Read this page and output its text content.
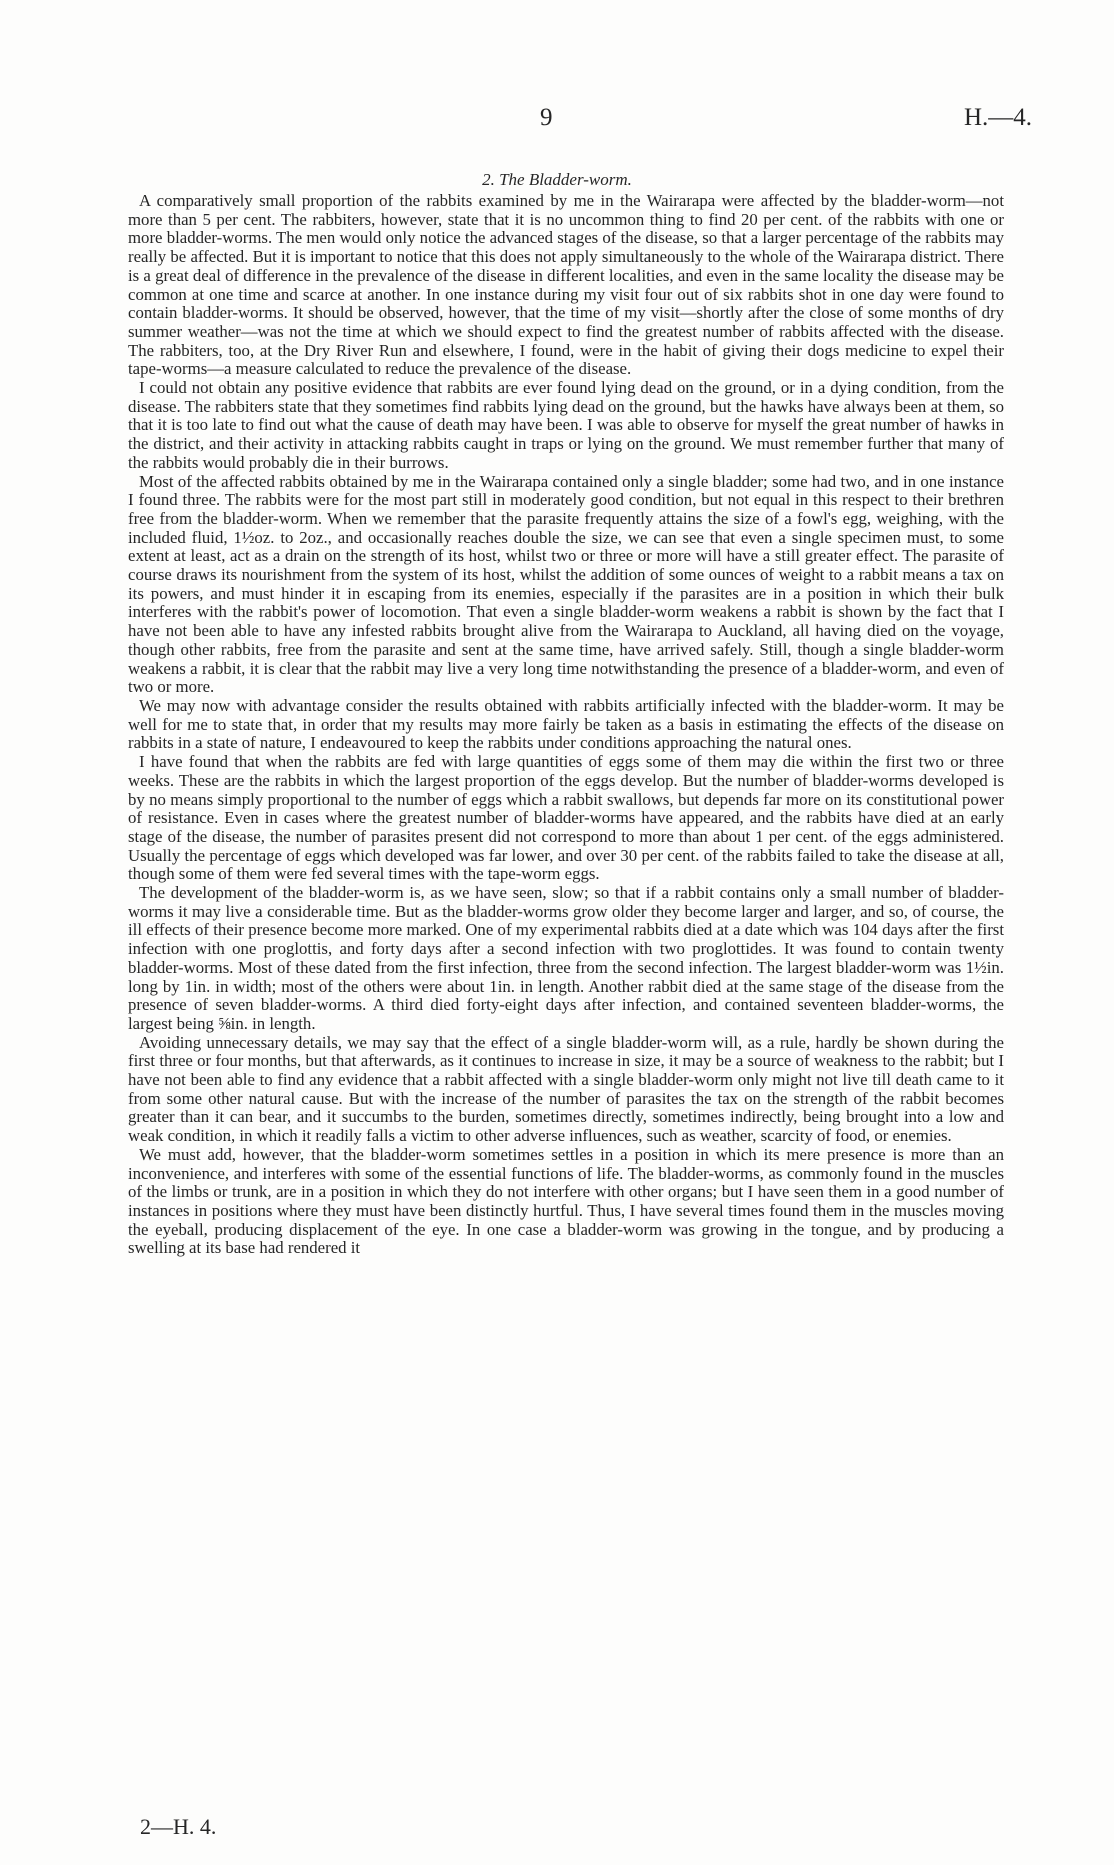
9	H.—4.
2. The Bladder-worm.

A comparatively small proportion of the rabbits examined by me in the Wairarapa were affected by the bladder-worm—not more than 5 per cent. The rabbiters, however, state that it is no uncommon thing to find 20 per cent. of the rabbits with one or more bladder-worms. The men would only notice the advanced stages of the disease, so that a larger percentage of the rabbits may really be affected. But it is important to notice that this does not apply simultaneously to the whole of the Wairarapa district. There is a great deal of difference in the prevalence of the disease in different localities, and even in the same locality the disease may be common at one time and scarce at another. In one instance during my visit four out of six rabbits shot in one day were found to contain bladder-worms. It should be observed, however, that the time of my visit—shortly after the close of some months of dry summer weather—was not the time at which we should expect to find the greatest number of rabbits affected with the disease. The rabbiters, too, at the Dry River Run and elsewhere, I found, were in the habit of giving their dogs medicine to expel their tape-worms—a measure calculated to reduce the prevalence of the disease.

I could not obtain any positive evidence that rabbits are ever found lying dead on the ground, or in a dying condition, from the disease. The rabbiters state that they sometimes find rabbits lying dead on the ground, but the hawks have always been at them, so that it is too late to find out what the cause of death may have been. I was able to observe for myself the great number of hawks in the district, and their activity in attacking rabbits caught in traps or lying on the ground. We must remember further that many of the rabbits would probably die in their burrows.

Most of the affected rabbits obtained by me in the Wairarapa contained only a single bladder; some had two, and in one instance I found three. The rabbits were for the most part still in moderately good condition, but not equal in this respect to their brethren free from the bladder-worm. When we remember that the parasite frequently attains the size of a fowl's egg, weighing, with the included fluid, 1½oz. to 2oz., and occasionally reaches double the size, we can see that even a single specimen must, to some extent at least, act as a drain on the strength of its host, whilst two or three or more will have a still greater effect. The parasite of course draws its nourishment from the system of its host, whilst the addition of some ounces of weight to a rabbit means a tax on its powers, and must hinder it in escaping from its enemies, especially if the parasites are in a position in which their bulk interferes with the rabbit's power of locomotion. That even a single bladder-worm weakens a rabbit is shown by the fact that I have not been able to have any infested rabbits brought alive from the Wairarapa to Auckland, all having died on the voyage, though other rabbits, free from the parasite and sent at the same time, have arrived safely. Still, though a single bladder-worm weakens a rabbit, it is clear that the rabbit may live a very long time notwithstanding the presence of a bladder-worm, and even of two or more.

We may now with advantage consider the results obtained with rabbits artificially infected with the bladder-worm. It may be well for me to state that, in order that my results may more fairly be taken as a basis in estimating the effects of the disease on rabbits in a state of nature, I endeavoured to keep the rabbits under conditions approaching the natural ones.

I have found that when the rabbits are fed with large quantities of eggs some of them may die within the first two or three weeks. These are the rabbits in which the largest proportion of the eggs develop. But the number of bladder-worms developed is by no means simply proportional to the number of eggs which a rabbit swallows, but depends far more on its constitutional power of resistance. Even in cases where the greatest number of bladder-worms have appeared, and the rabbits have died at an early stage of the disease, the number of parasites present did not correspond to more than about 1 per cent. of the eggs administered. Usually the percentage of eggs which developed was far lower, and over 30 per cent. of the rabbits failed to take the disease at all, though some of them were fed several times with the tape-worm eggs.

The development of the bladder-worm is, as we have seen, slow; so that if a rabbit contains only a small number of bladder-worms it may live a considerable time. But as the bladder-worms grow older they become larger and larger, and so, of course, the ill effects of their presence become more marked. One of my experimental rabbits died at a date which was 104 days after the first infection with one proglottis, and forty days after a second infection with two proglottides. It was found to contain twenty bladder-worms. Most of these dated from the first infection, three from the second infection. The largest bladder-worm was 1½in. long by 1in. in width; most of the others were about 1in. in length. Another rabbit died at the same stage of the disease from the presence of seven bladder-worms. A third died forty-eight days after infection, and contained seventeen bladder-worms, the largest being ⅝in. in length.

Avoiding unnecessary details, we may say that the effect of a single bladder-worm will, as a rule, hardly be shown during the first three or four months, but that afterwards, as it continues to increase in size, it may be a source of weakness to the rabbit; but I have not been able to find any evidence that a rabbit affected with a single bladder-worm only might not live till death came to it from some other natural cause. But with the increase of the number of parasites the tax on the strength of the rabbit becomes greater than it can bear, and it succumbs to the burden, sometimes directly, sometimes indirectly, being brought into a low and weak condition, in which it readily falls a victim to other adverse influences, such as weather, scarcity of food, or enemies.

We must add, however, that the bladder-worm sometimes settles in a position in which its mere presence is more than an inconvenience, and interferes with some of the essential functions of life. The bladder-worms, as commonly found in the muscles of the limbs or trunk, are in a position in which they do not interfere with other organs; but I have seen them in a good number of instances in positions where they must have been distinctly hurtful. Thus, I have several times found them in the muscles moving the eyeball, producing displacement of the eye. In one case a bladder-worm was growing in the tongue, and by producing a swelling at its base had rendered it

2—H. 4.
